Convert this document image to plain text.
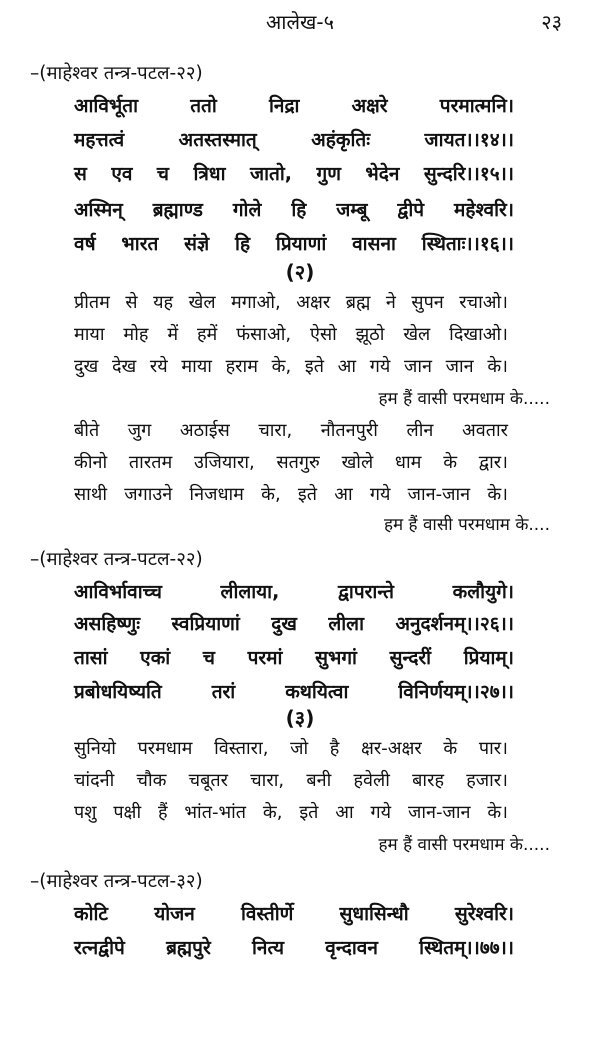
आलेख-५	२३
–(माहेश्वर तन्त्र-पटल-२२)
आविर्भूता ततो निद्रा अक्षरे परमात्मनि।
महत्तत्वं अतस्तस्मात् अहंकृतिः जायत।।१४।।
स एव च त्रिधा जातो, गुण भेदेन सुन्दरि।।१५।।
अस्मिन् ब्रह्माण्ड गोले हि जम्बू द्वीपे महेश्वरि।
वर्ष भारत संज्ञे हि प्रियाणां वासना स्थिताः।।१६।।
(२)
प्रीतम से यह खेल मगाओ, अक्षर ब्रह्म ने सुपन रचाओ।
माया मोह में हमें फंसाओ, ऐसो झूठो खेल दिखाओ।
दुख देख रये माया हराम के, इते आ गये जान जान के।
हम हैं वासी परमधाम के.....
बीते जुग अठाईस चारा, नौतनपुरी लीन अवतार
कीनो तारतम उजियारा, सतगुरु खोले धाम के द्वार।
साथी जगाउने निजधाम के, इते आ गये जान-जान के।
हम हैं वासी परमधाम के....
–(माहेश्वर तन्त्र-पटल-२२)
आविर्भावाच्च लीलाया, द्वापरान्ते कलौयुगे।
असहिष्णुः स्वप्रियाणां दुख लीला अनुदर्शनम्।।२६।।
तासां एकां च परमां सुभगां सुन्दरीं प्रियाम्।
प्रबोधयिष्यति तरां कथयित्वा विनिर्णयम्।।२७।।
(३)
सुनियो परमधाम विस्तारा, जो है क्षर-अक्षर के पार।
चांदनी चौक चबूतर चारा, बनी हवेली बारह हजार।
पशु पक्षी हैं भांत-भांत के, इते आ गये जान-जान के।
हम हैं वासी परमधाम के.....
–(माहेश्वर तन्त्र-पटल-३२)
कोटि योजन विस्तीर्णे सुधासिन्धौ सुरेश्वरि।
रत्नद्वीपे ब्रह्मपुरे नित्य वृन्दावन स्थितम्।।७७।।
